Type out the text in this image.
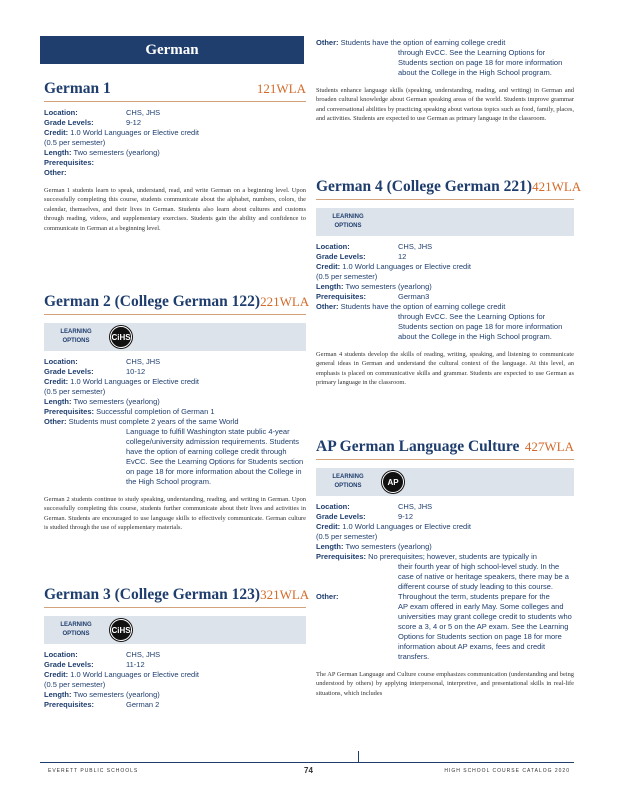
German
German 1	121WLA
Location:	CHS, JHS
Grade Levels:	9-12
Credit: 1.0 World Languages or Elective credit
(0.5 per semester)
Length: Two semesters (yearlong)
Prerequisites:
Other:
German 1 students learn to speak, understand, read, and write German on a beginning level. Upon successfully completing this course, students communicate about the alphabet, numbers, colors, the calendar, themselves, and their lives in German. Students also learn about cultures and customs through reading, videos, and supplementary exercises. Students gain the ability and confidence to communicate in German at a beginning level.
German 2 (College German 122) 221WLA
LEARNING OPTIONS	CiHS
Location:	CHS, JHS
Grade Levels:	10-12
Credit: 1.0 World Languages or Elective credit
(0.5 per semester)
Length: Two semesters (yearlong)
Prerequisites: Successful completion of German 1
Other: Students must complete 2 years of the same World
Language to fulfill Washington state public 4-year college/university admission requirements. Students have the option of earning college credit through EvCC. See the Learning Options for Students section on page 18 for more information about the College in the High School program.
German 2 students continue to study speaking, understanding, reading, and writing in German. Upon successfully completing this course, students further communicate about their lives and activities in German. Students are encouraged to use language skills to effectively communicate. German culture is studied through the use of supplementary materials.
German 3 (College German 123) 321WLA
LEARNING OPTIONS	CiHS
Location:	CHS, JHS
Grade Levels:	11-12
Credit: 1.0 World Languages or Elective credit
(0.5 per semester)
Length: Two semesters (yearlong)
Prerequisites:	German 2
Other: Students have the option of earning college credit
through EvCC. See the Learning Options for Students section on page 18 for more information about the College in the High School program.
Students enhance language skills (speaking, understanding, reading, and writing) in German and broaden cultural knowledge about German speaking areas of the world. Students improve grammar and conversational abilities by practicing speaking about various topics such as food, family, places, and activities. Students are expected to use German as primary language in the classroom.
German 4 (College German 221) 421WLA
LEARNING OPTIONS
Location:	CHS, JHS
Grade Levels:	12
Credit: 1.0 World Languages or Elective credit
(0.5 per semester)
Length: Two semesters (yearlong)
Prerequisites:	German3
Other: Students have the option of earning college credit
through EvCC. See the Learning Options for Students section on page 18 for more information about the College in the High School program.
German 4 students develop the skills of reading, writing, speaking, and listening to communicate general ideas in German and understand the cultural context of the language. At this level, an emphasis is placed on communicative skills and grammar. Students are expected to use German as primary language in the classroom.
AP German Language Culture 427WLA
LEARNING OPTIONS	AP
Location:	CHS, JHS
Grade Levels:	9-12
Credit: 1.0 World Languages or Elective credit
(0.5 per semester)
Length: Two semesters (yearlong)
Prerequisites: No prerequisites; however, students are typically in
their fourth year of high school-level study. In the case of native or heritage speakers, there may be a different course of study leading to this course.
Other:	Throughout the term, students prepare for the
AP exam offered in early May. Some colleges and universities may grant college credit to students who score a 3, 4 or 5 on the AP exam. See the Learning Options for Students section on page 18 for more information about AP exams, fees and credit transfers.
The AP German Language and Culture course emphasizes communication (understanding and being understood by others) by applying interpersonal, interpretive, and presentational skills in real-life situations, which includes
EVERETT PUBLIC SCHOOLS	74	HIGH SCHOOL COURSE CATALOG 2020
